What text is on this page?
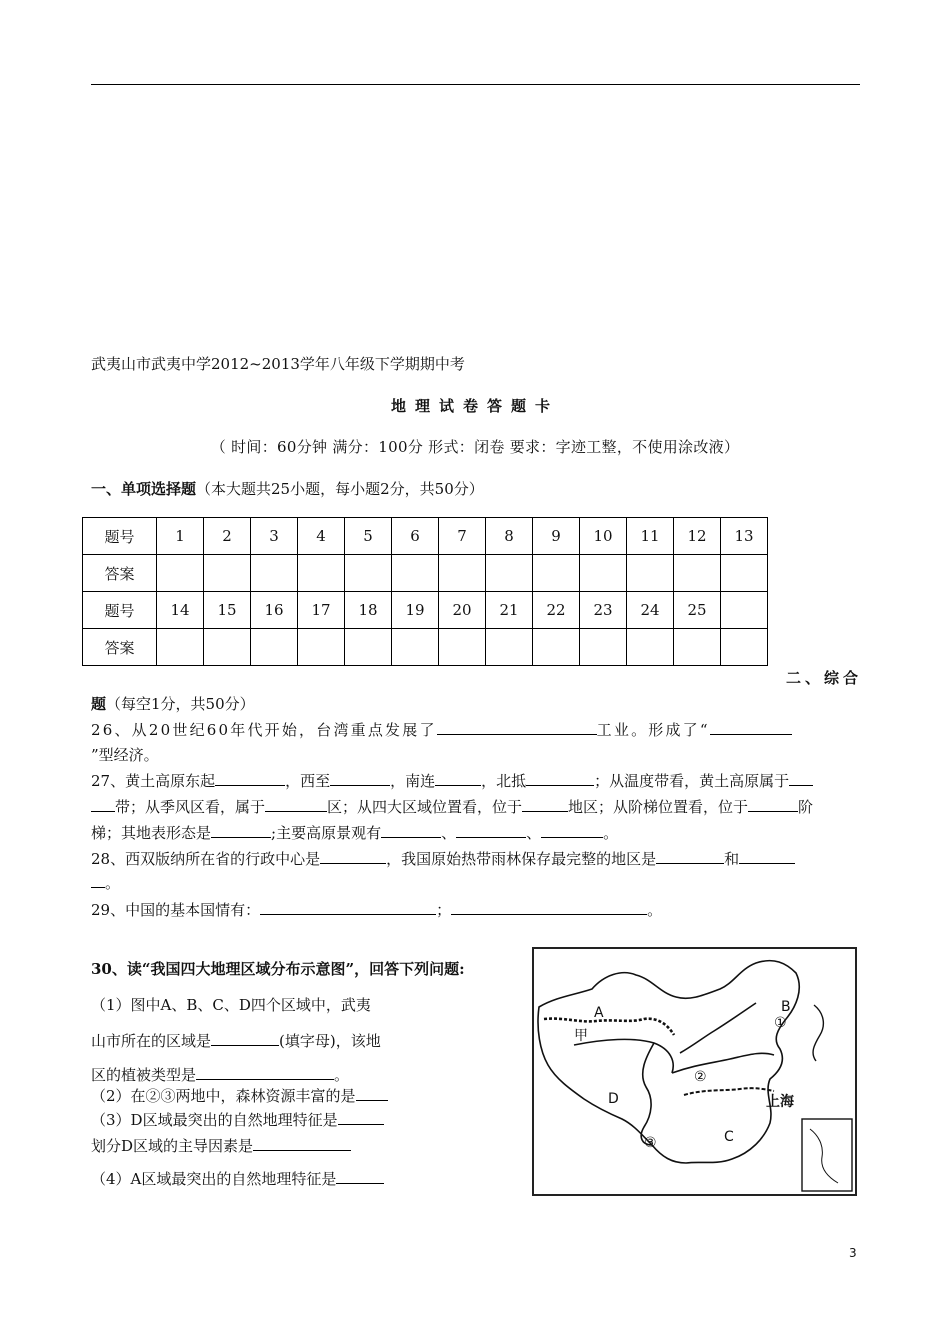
武夷山市武夷中学2012~2013学年八年级下学期期中考
地理试卷答题卡
（ 时间：60分钟 满分：100分 形式：闭卷 要求：字迹工整，不使用涂改液）
一、单项选择题（本大题共25小题，每小题2分，共50分）
题号	1	2	3	4	5	6	7	8	9	10	11	12	13
答案													
题号	14	15	16	17	18	19	20	21	22	23	24	25	
答案													
二、综合
题（每空1分，共50分）
26、从20世纪60年代开始，台湾重点发展了	工业。形成了“
”型经济。
27、黄土高原东起	，西至	，南连	，北抵	；从温度带看，黄土高原属于
带；从季风区看，属于	区；从四大区域位置看，位于	地区；从阶梯位置看，位于	阶
梯；其地表形态是	;主要高原景观有	、	、	。
28、西双版纳所在省的行政中心是	，我国原始热带雨林保存最完整的地区是	和
。
29、中国的基本国情有：	；	。
30、读“我国四大地理区域分布示意图”，回答下列问题:
（1）图中A、B、C、D四个区域中，武夷
山市所在的区域是	(填字母)，该地
区的植被类型是	。
（2）在②③两地中，森林资源丰富的是
（3）D区域最突出的自然地理特征是
划分D区域的主导因素是
（4）A区域最突出的自然地理特征是
A
甲
B
①
②
D	上海
③	C
3
